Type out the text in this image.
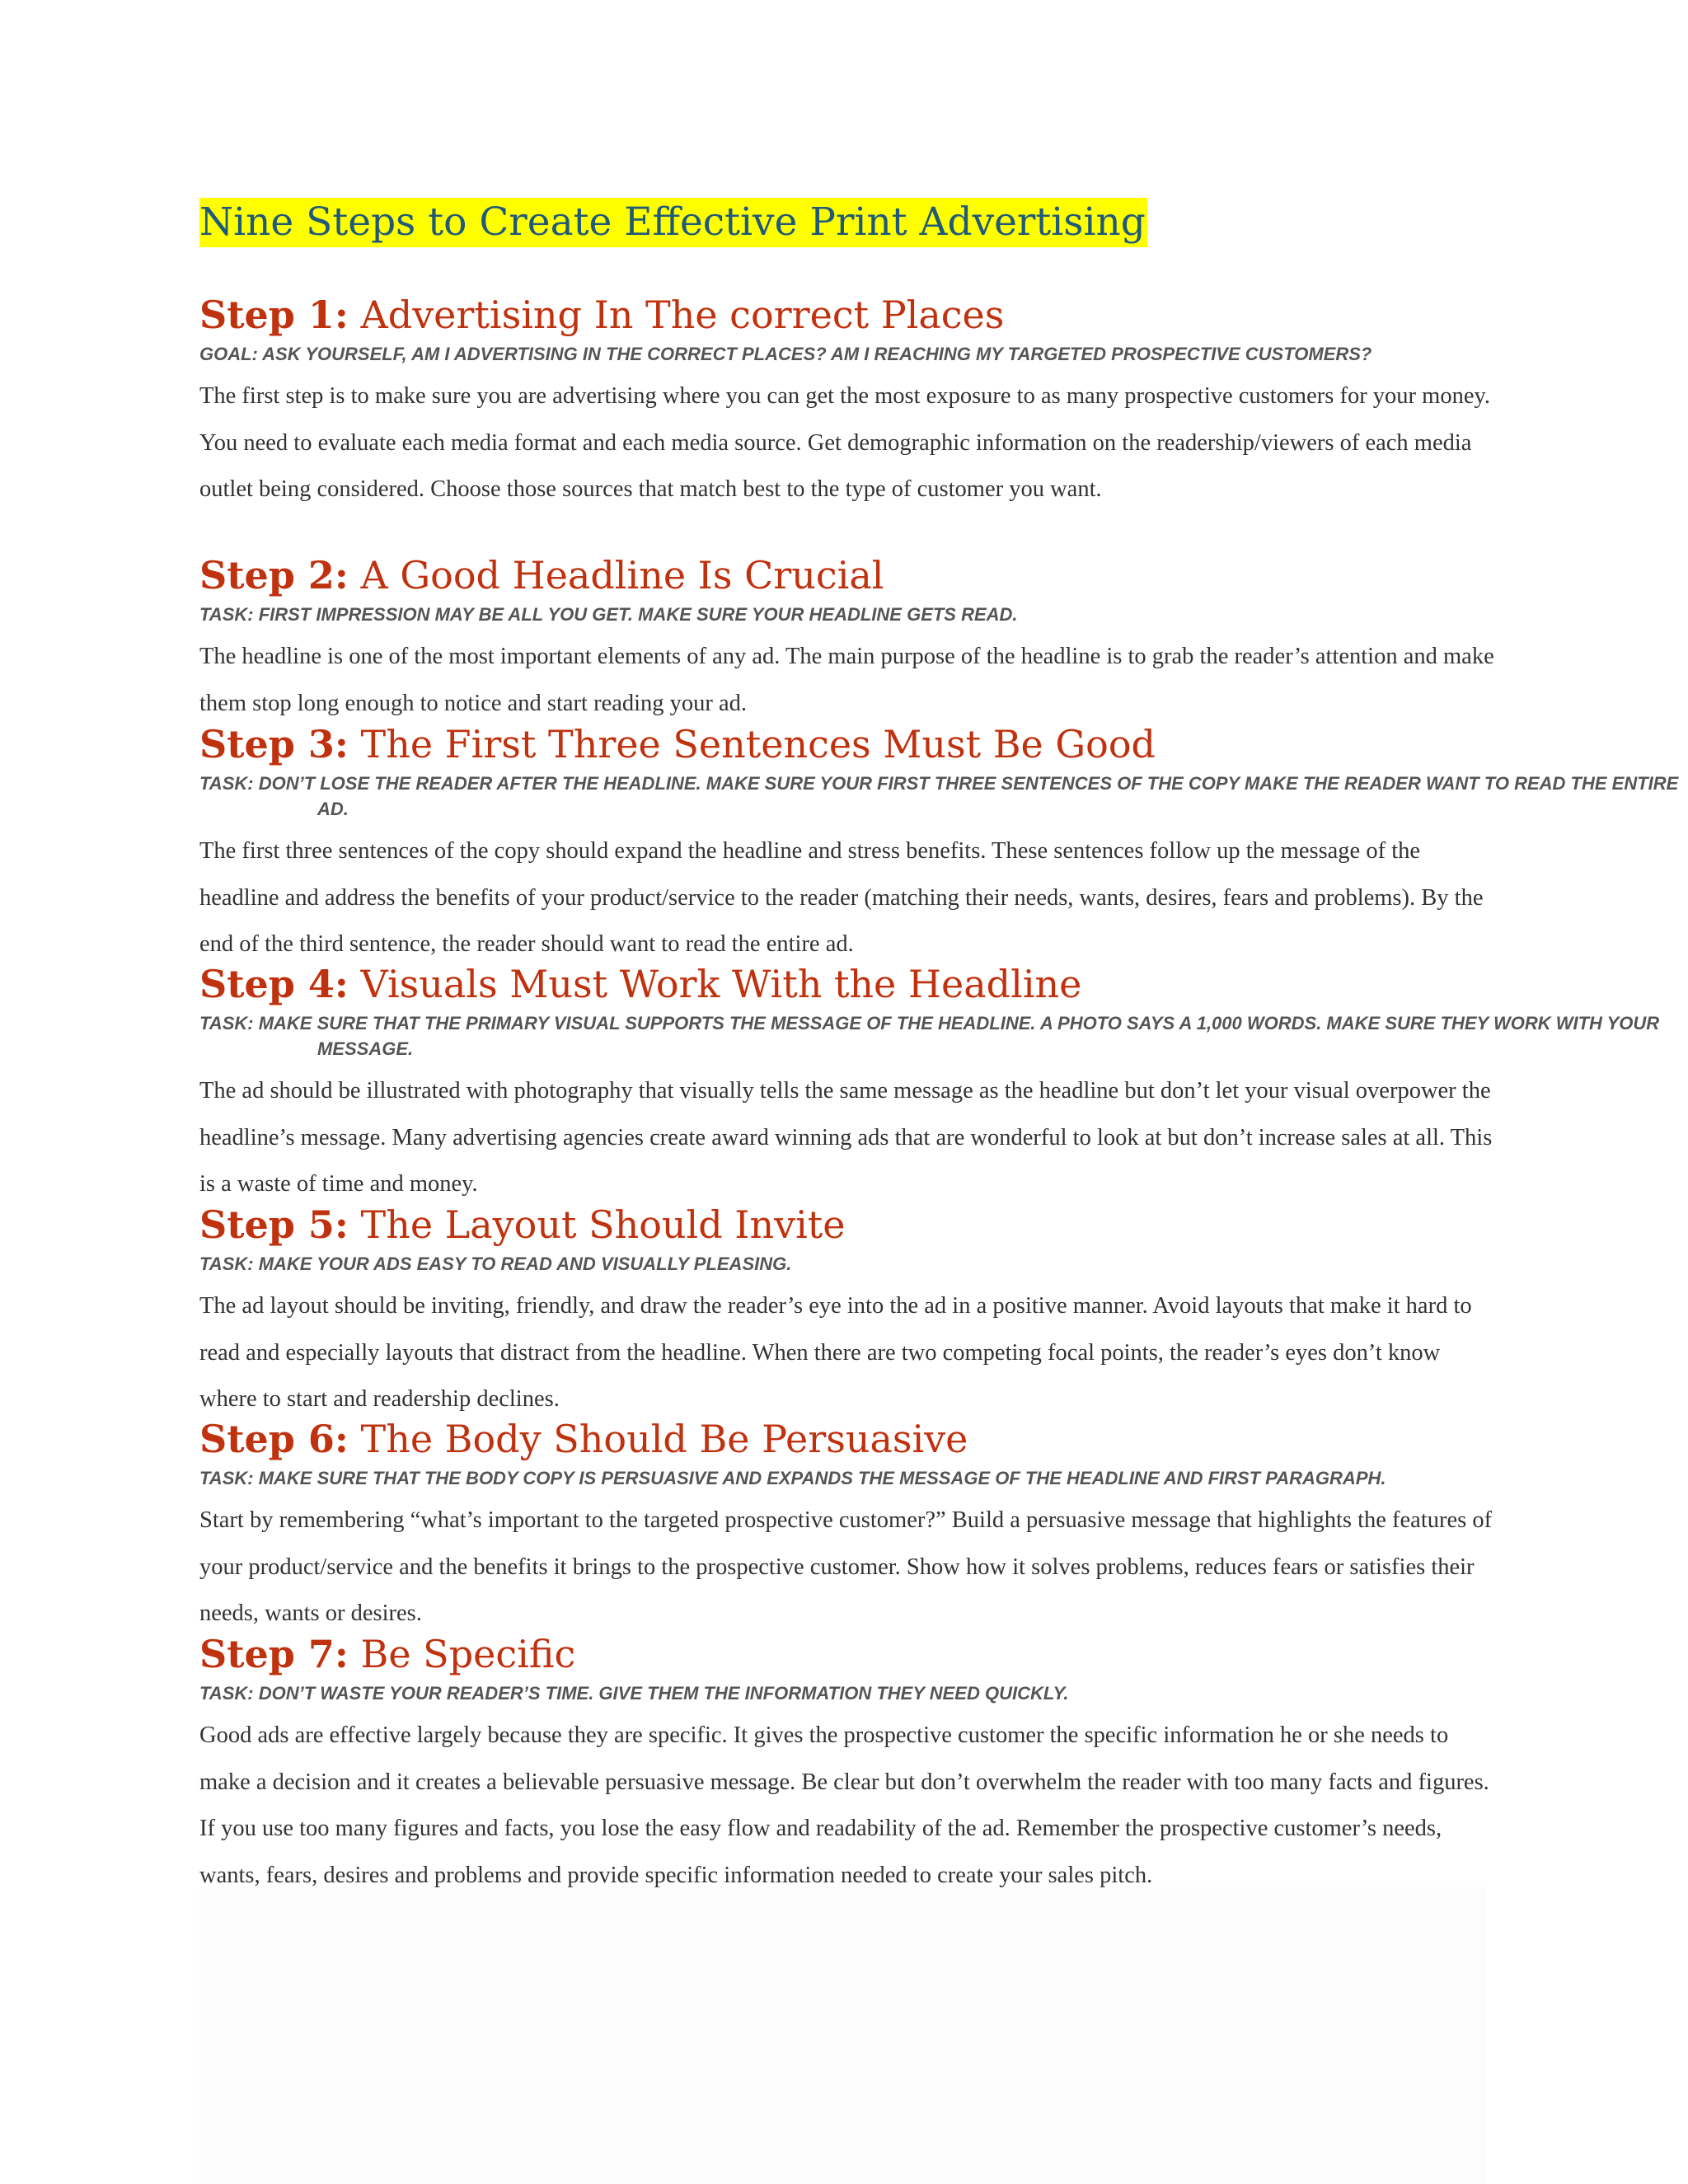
Nine Steps to Create Effective Print Advertising
Step 1: Advertising In The correct Places
GOAL: ASK YOURSELF, AM I ADVERTISING IN THE CORRECT PLACES? AM I REACHING MY TARGETED PROSPECTIVE CUSTOMERS?

The first step is to make sure you are advertising where you can get the most exposure to as many prospective customers for your money. You need to evaluate each media format and each media source. Get demographic information on the readership/viewers of each media outlet being considered. Choose those sources that match best to the type of customer you want.

Step 2: A Good Headline Is Crucial
TASK: FIRST IMPRESSION MAY BE ALL YOU GET. MAKE SURE YOUR HEADLINE GETS READ.

The headline is one of the most important elements of any ad. The main purpose of the headline is to grab the reader’s attention and make them stop long enough to notice and start reading your ad.

Step 3: The First Three Sentences Must Be Good
TASK: DON’T LOSE THE READER AFTER THE HEADLINE. MAKE SURE YOUR FIRST THREE SENTENCES OF THE COPY MAKE THE READER WANT TO READ THE ENTIRE AD.

The first three sentences of the copy should expand the headline and stress benefits. These sentences follow up the message of the headline and address the benefits of your product/service to the reader (matching their needs, wants, desires, fears and problems). By the end of the third sentence, the reader should want to read the entire ad.

Step 4: Visuals Must Work With the Headline
TASK: MAKE SURE THAT THE PRIMARY VISUAL SUPPORTS THE MESSAGE OF THE HEADLINE. A PHOTO SAYS A 1,000 WORDS. MAKE SURE THEY WORK WITH YOUR MESSAGE.

The ad should be illustrated with photography that visually tells the same message as the headline but don’t let your visual overpower the headline’s message. Many advertising agencies create award winning ads that are wonderful to look at but don’t increase sales at all. This is a waste of time and money.

Step 5: The Layout Should Invite
TASK: MAKE YOUR ADS EASY TO READ AND VISUALLY PLEASING.

The ad layout should be inviting, friendly, and draw the reader’s eye into the ad in a positive manner. Avoid layouts that make it hard to read and especially layouts that distract from the headline. When there are two competing focal points, the reader’s eyes don’t know where to start and readership declines.

Step 6: The Body Should Be Persuasive
TASK: MAKE SURE THAT THE BODY COPY IS PERSUASIVE AND EXPANDS THE MESSAGE OF THE HEADLINE AND FIRST PARAGRAPH.

Start by remembering “what’s important to the targeted prospective customer?” Build a persuasive message that highlights the features of your product/service and the benefits it brings to the prospective customer. Show how it solves problems, reduces fears or satisfies their needs, wants or desires.

Step 7: Be Specific
TASK: DON’T WASTE YOUR READER’S TIME. GIVE THEM THE INFORMATION THEY NEED QUICKLY.

Good ads are effective largely because they are specific. It gives the prospective customer the specific information he or she needs to make a decision and it creates a believable persuasive message. Be clear but don’t overwhelm the reader with too many facts and figures.

If you use too many figures and facts, you lose the easy flow and readability of the ad. Remember the prospective customer’s needs, wants, fears, desires and problems and provide specific information needed to create your sales pitch.
